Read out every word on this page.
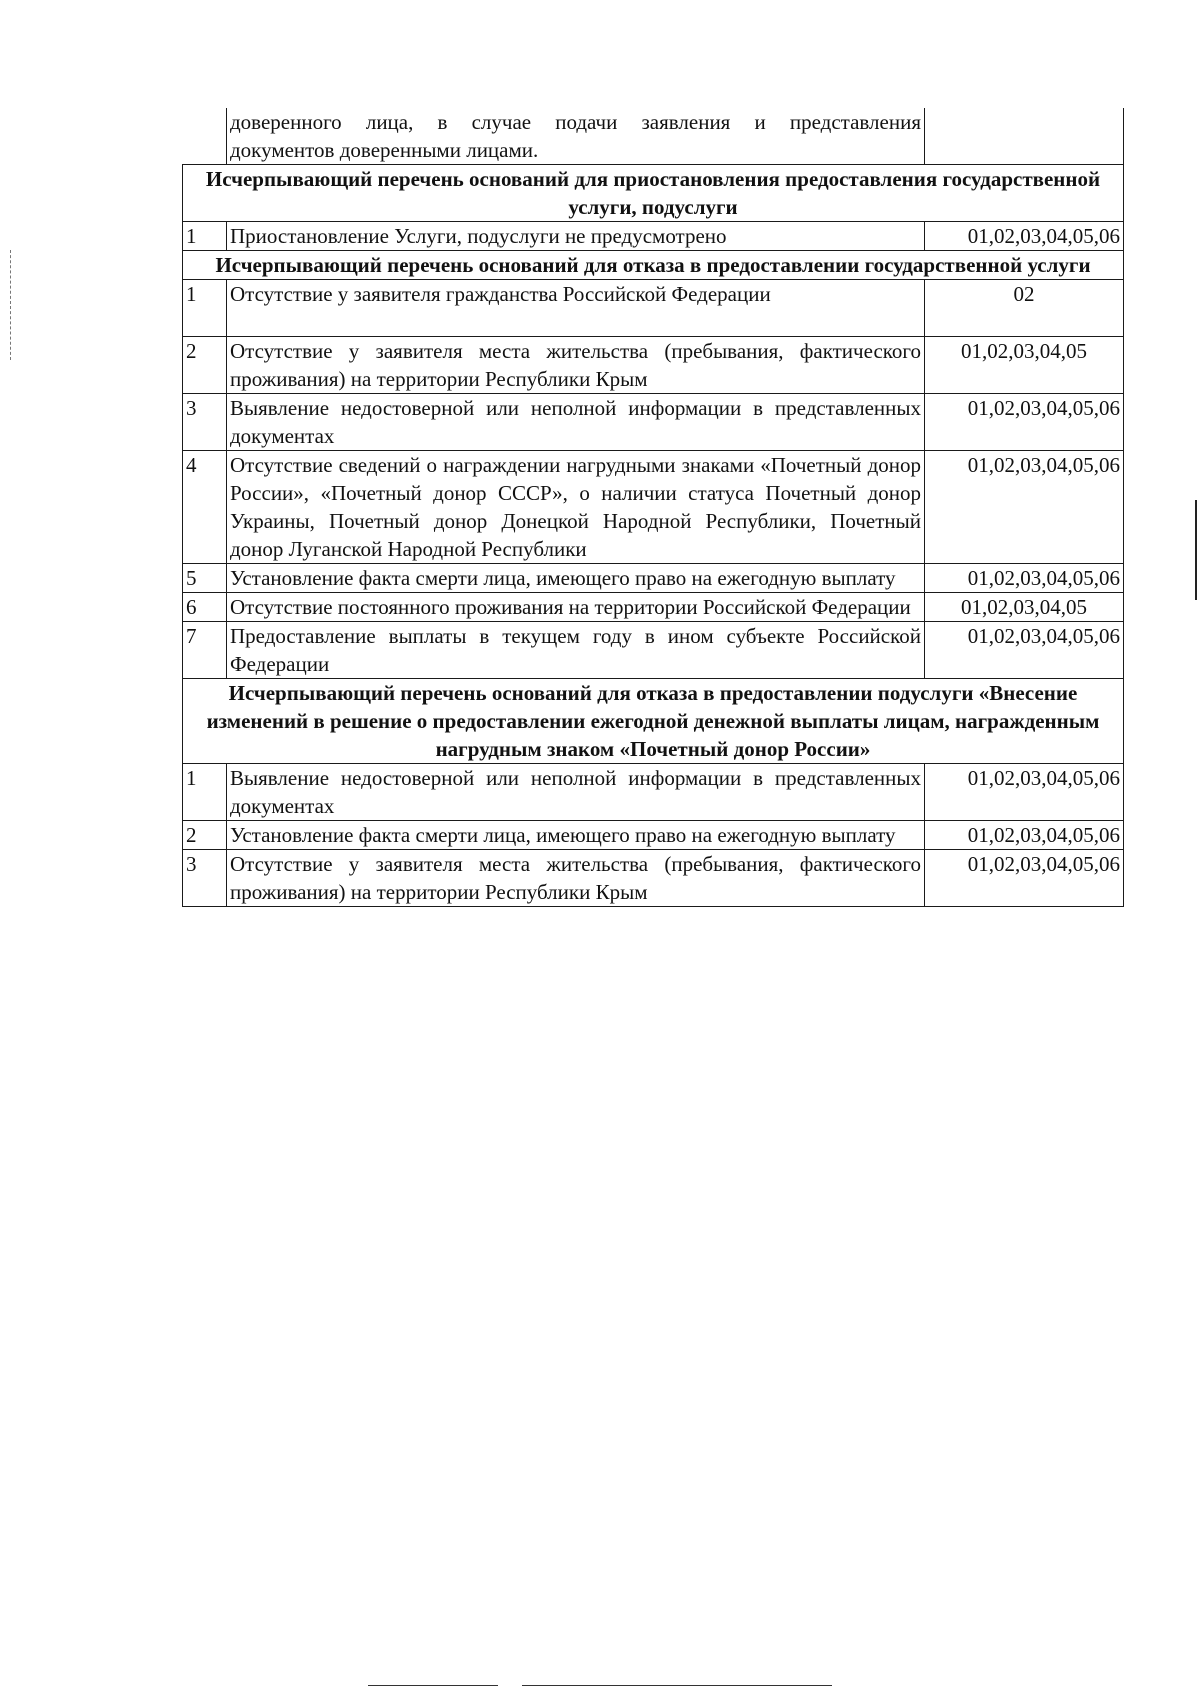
	доверенного лица, в случае подачи заявления и представления
документов доверенными лицами.	

Исчерпывающий перечень оснований для приостановления предоставления государственной услуги, подуслуги		
1	Приостановление Услуги, подуслуги не предусмотрено	01,02,03,04,05,06
Исчерпывающий перечень оснований для отказа в предоставлении государственной услуги		
1	Отсутствие у заявителя гражданства Российской Федерации	02
2	Отсутствие у заявителя места жительства (пребывания, фактического проживания) на территории Республики Крым	01,02,03,04,05
3	Выявление недостоверной или неполной информации в представленных документах	01,02,03,04,05,06
4	Отсутствие сведений о награждении нагрудными знаками «Почетный донор России», «Почетный донор СССР», о наличии статуса Почетный донор Украины, Почетный донор Донецкой Народной Республики, Почетный донор Луганской Народной Республики	01,02,03,04,05,06
5	Установление факта смерти лица, имеющего право на ежегодную выплату	01,02,03,04,05,06
6	Отсутствие постоянного проживания на территории Российской Федерации	01,02,03,04,05
7	Предоставление выплаты в текущем году в ином субъекте Российской Федерации	01,02,03,04,05,06
Исчерпывающий перечень оснований для отказа в предоставлении подуслуги «Внесение изменений в решение о предоставлении ежегодной денежной выплаты лицам, награжденным нагрудным знаком «Почетный донор России»		
1	Выявление недостоверной или неполной информации в представленных документах	01,02,03,04,05,06
2	Установление факта смерти лица, имеющего право на ежегодную выплату	01,02,03,04,05,06
3	Отсутствие у заявителя места жительства (пребывания, фактического проживания) на территории Республики Крым	01,02,03,04,05,06
